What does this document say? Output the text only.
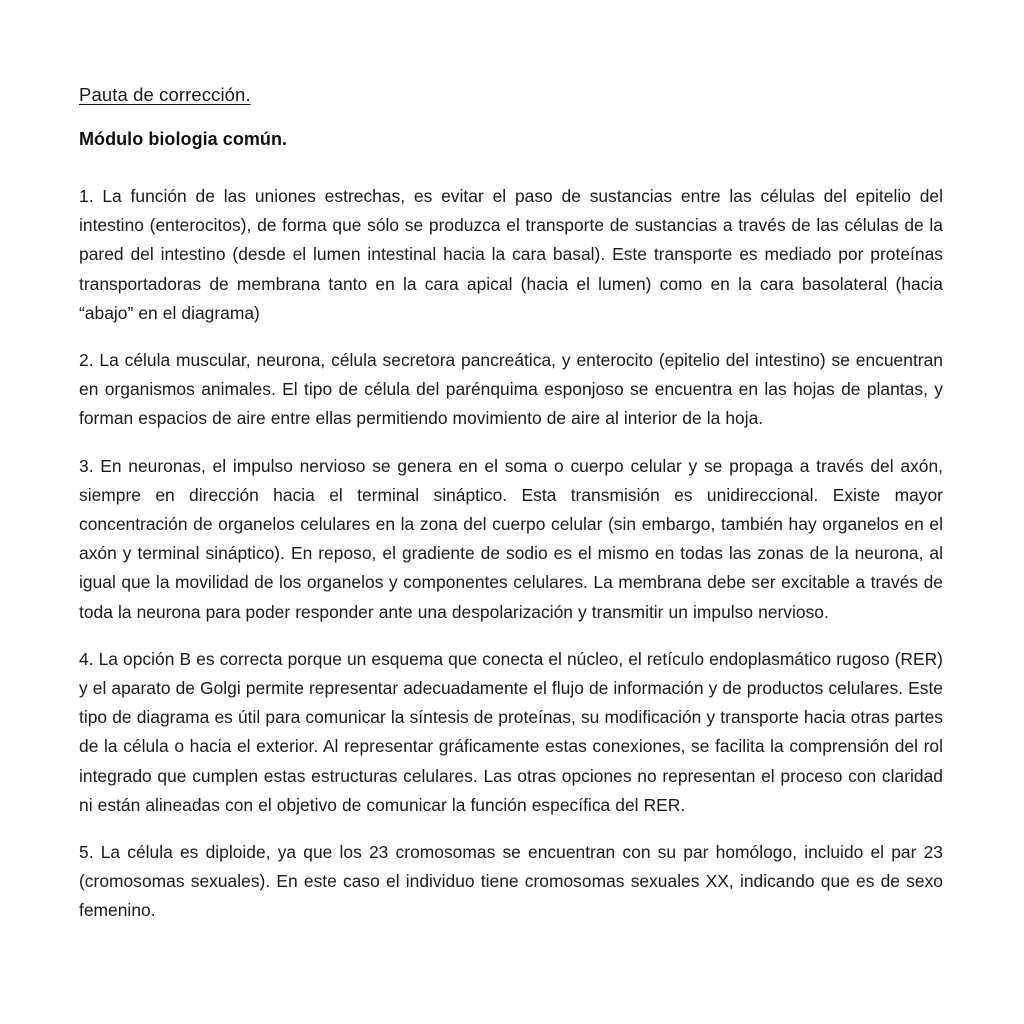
Pauta de corrección.
Módulo biologia común.

1. La función de las uniones estrechas, es evitar el paso de sustancias entre las células del epitelio del intestino (enterocitos), de forma que sólo se produzca el transporte de sustancias a través de las células de la pared del intestino (desde el lumen intestinal hacia la cara basal). Este transporte es mediado por proteínas transportadoras de membrana tanto en la cara apical (hacia el lumen) como en la cara basolateral (hacia “abajo” en el diagrama)

2. La célula muscular, neurona, célula secretora pancreática, y enterocito (epitelio del intestino) se encuentran en organismos animales. El tipo de célula del parénquima esponjoso se encuentra en las hojas de plantas, y forman espacios de aire entre ellas permitiendo movimiento de aire al interior de la hoja.

3. En neuronas, el impulso nervioso se genera en el soma o cuerpo celular y se propaga a través del axón, siempre en dirección hacia el terminal sináptico. Esta transmisión es unidireccional. Existe mayor concentración de organelos celulares en la zona del cuerpo celular (sin embargo, también hay organelos en el axón y terminal sináptico). En reposo, el gradiente de sodio es el mismo en todas las zonas de la neurona, al igual que la movilidad de los organelos y componentes celulares. La membrana debe ser excitable a través de toda la neurona para poder responder ante una despolarización y transmitir un impulso nervioso.

4. La opción B es correcta porque un esquema que conecta el núcleo, el retículo endoplasmático rugoso (RER) y el aparato de Golgi permite representar adecuadamente el flujo de información y de productos celulares. Este tipo de diagrama es útil para comunicar la síntesis de proteínas, su modificación y transporte hacia otras partes de la célula o hacia el exterior. Al representar gráficamente estas conexiones, se facilita la comprensión del rol integrado que cumplen estas estructuras celulares. Las otras opciones no representan el proceso con claridad ni están alineadas con el objetivo de comunicar la función específica del RER.

5. La célula es diploide, ya que los 23 cromosomas se encuentran con su par homólogo, incluido el par 23 (cromosomas sexuales). En este caso el individuo tiene cromosomas sexuales XX, indicando que es de sexo femenino.
